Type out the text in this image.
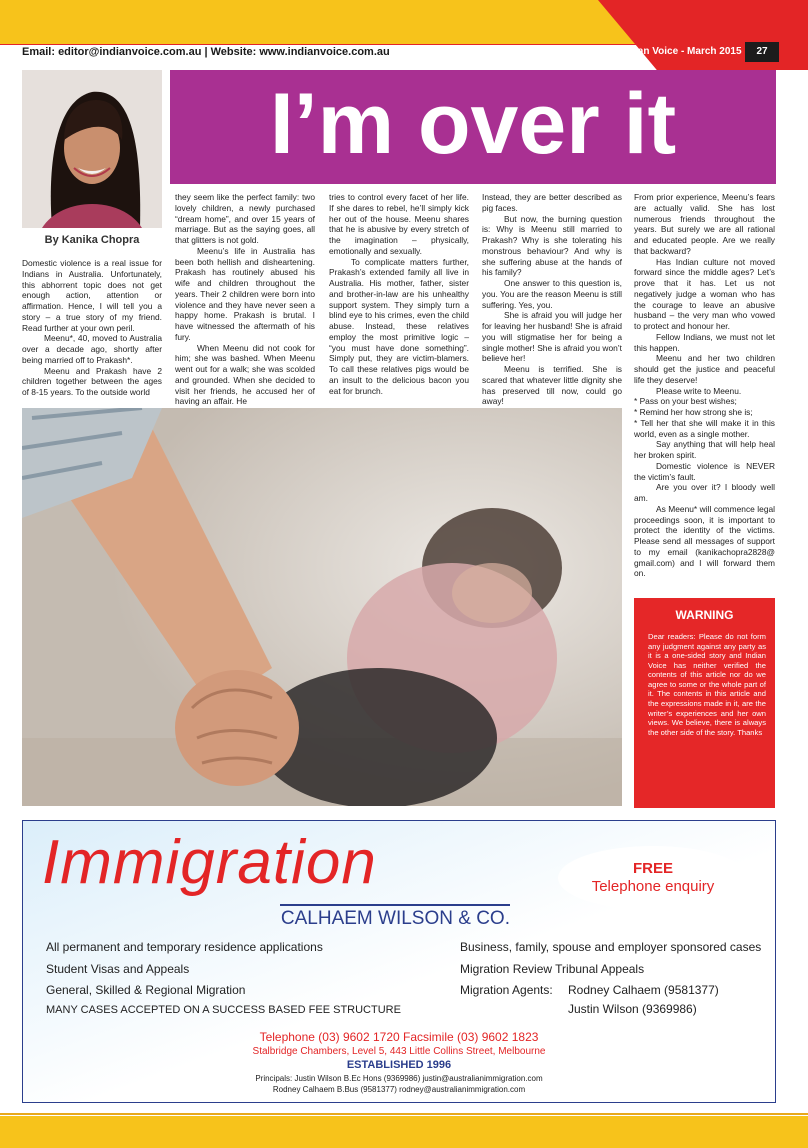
Email: editor@indianvoice.com.au | Website: www.indianvoice.com.au	Indian Voice - March 2015	27
By Kanika Chopra
I’m over it

Domestic violence is a real issue for Indians in Australia. Unfortunately, this abhorrent topic does not get enough action, attention or affirmation. Hence, I will tell you a story – a true story of my friend. Read further at your own peril.

Meenu*, 40, moved to Australia over a decade ago, shortly after being married off to Prakash*.

Meenu and Prakash have 2 children together between the ages of 8-15 years. To the outside world

they seem like the perfect family: two lovely children, a newly purchased “dream home”, and over 15 years of marriage. But as the saying goes, all that glitters is not gold.

Meenu’s life in Australia has been both hellish and disheartening. Prakash has routinely abused his wife and children throughout the years. Their 2 children were born into violence and they have never seen a happy home. Prakash is brutal. I have witnessed the aftermath of his fury.

When Meenu did not cook for him; she was bashed. When Meenu went out for a walk; she was scolded and grounded. When she decided to visit her friends, he accused her of having an affair. He

tries to control every facet of her life. If she dares to rebel, he’ll simply kick her out of the house. Meenu shares that he is abusive by every stretch of the imagination – physically, emotionally and sexually.

To complicate matters further, Prakash’s extended family all live in Australia. His mother, father, sister and brother-in-law are his unhealthy support system. They simply turn a blind eye to his crimes, even the child abuse. Instead, these relatives employ the most primitive logic – “you must have done something”. Simply put, they are victim-blamers. To call these relatives pigs would be an insult to the delicious bacon you eat for brunch.

Instead, they are better described as pig faces.

But now, the burning question is: Why is Meenu still married to Prakash? Why is she tolerating his monstrous behaviour? And why is she suffering abuse at the hands of his family?

One answer to this question is, you. You are the reason Meenu is still suffering. Yes, you.

She is afraid you will judge her for leaving her husband! She is afraid you will stigmatise her for being a single mother! She is afraid you won’t believe her!

Meenu is terrified. She is scared that whatever little dignity she has preserved till now, could go away!

From prior experience, Meenu’s fears are actually valid. She has lost numerous friends throughout the years. But surely we are all rational and educated people. Are we really that backward?

Has Indian culture not moved forward since the middle ages? Let’s prove that it has. Let us not negatively judge a woman who has the courage to leave an abusive husband – the very man who vowed to protect and honour her.

Fellow Indians, we must not let this happen.

Meenu and her two children should get the justice and peaceful life they deserve!

Please write to Meenu.

* Pass on your best wishes;

* Remind her how strong she is;

* Tell her that she will make it in this world, even as a single mother.

Say anything that will help heal her broken spirit.

Domestic violence is NEVER the victim’s fault.

Are you over it? I bloody well am.

As Meenu* will commence legal proceedings soon, it is important to protect the identity of the victims. Please send all messages of support to my email (kanikachopra2828@ gmail.com) and I will forward them on.

WARNING
Dear readers: Please do not form any judgment against any party as it is a one-sided story and Indian Voice has neither verified the contents of this article nor do we agree to some or the whole part of it. The contents in this article and the expressions made in it, are the writer’s experiences and her own views. We believe, there is always the other side of the story. Thanks
Immigration
CALHAEM WILSON & CO.
FREE
Telephone enquiry
All permanent and temporary residence applications
Student Visas and Appeals
General, Skilled & Regional Migration
MANY CASES ACCEPTED ON A SUCCESS BASED FEE STRUCTURE
Business, family, spouse and employer sponsored cases
Migration Review Tribunal Appeals
Migration Agents: Rodney Calhaem (9581377)
Justin Wilson (9369986)
Telephone (03) 9602 1720 Facsimile (03) 9602 1823
Stalbridge Chambers, Level 5, 443 Little Collins Street, Melbourne
ESTABLISHED 1996
Principals: Justin Wilson B.Ec Hons (9369986) justin@australianimmigration.com
Rodney Calhaem B.Bus (9581377) rodney@australianimmigration.com
